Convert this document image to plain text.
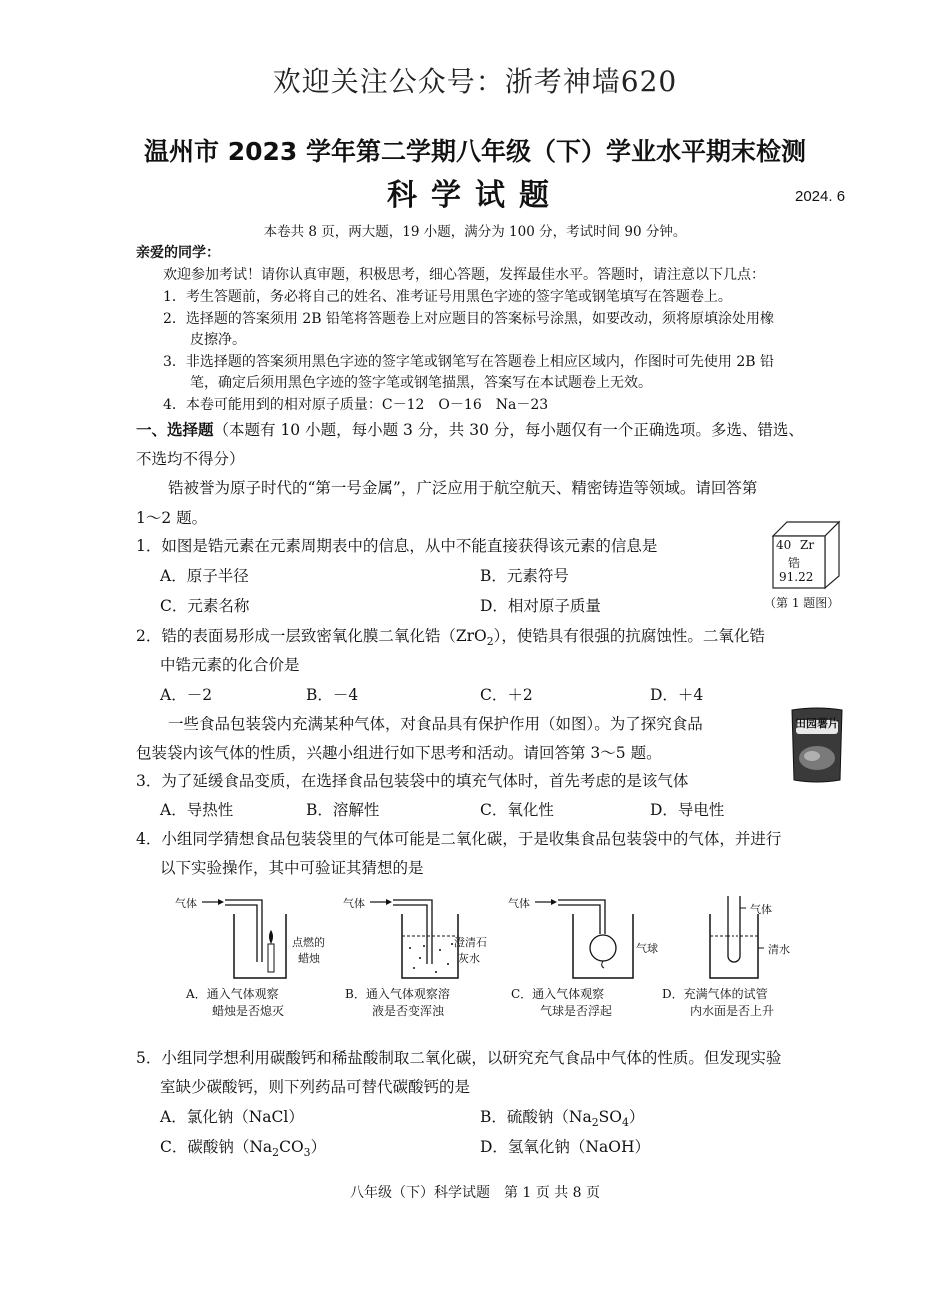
欢迎关注公众号：浙考神墙620
温州市 2023 学年第二学期八年级（下）学业水平期末检测
科学试题	2024. 6
本卷共 8 页，两大题，19 小题，满分为 100 分，考试时间 90 分钟。
亲爱的同学：
欢迎参加考试！请你认真审题，积极思考，细心答题，发挥最佳水平。答题时，请注意以下几点：
1．考生答题前，务必将自己的姓名、准考证号用黑色字迹的签字笔或钢笔填写在答题卷上。
2．选择题的答案须用 2B 铅笔将答题卷上对应题目的答案标号涂黑，如要改动，须将原填涂处用橡
皮擦净。
3．非选择题的答案须用黑色字迹的签字笔或钢笔写在答题卷上相应区域内，作图时可先使用 2B 铅
笔，确定后须用黑色字迹的签字笔或钢笔描黑，答案写在本试题卷上无效。
4．本卷可能用到的相对原子质量：C－12　O－16　Na－23
一、选择题（本题有 10 小题，每小题 3 分，共 30 分，每小题仅有一个正确选项。多选、错选、
不选均不得分）
锆被誉为原子时代的“第一号金属”，广泛应用于航空航天、精密铸造等领域。请回答第
1～2 题。
1．如图是锆元素在元素周期表中的信息，从中不能直接获得该元素的信息是
A．原子半径	B．元素符号
C．元素名称	D．相对原子质量
40 Zr
锆
91.22
（第 1 题图）
2．锆的表面易形成一层致密氧化膜二氧化锆（ZrO$_2$），使锆具有很强的抗腐蚀性。二氧化锆
中锆元素的化合价是
A．－2	B．－4	C．＋2	D．＋4
一些食品包装袋内充满某种气体，对食品具有保护作用（如图）。为了探究食品
包装袋内该气体的性质，兴趣小组进行如下思考和活动。请回答第 3～5 题。
田园薯片
3．为了延缓食品变质，在选择食品包装袋中的填充气体时，首先考虑的是该气体
A．导热性	B．溶解性	C．氧化性	D．导电性
4．小组同学猜想食品包装袋里的气体可能是二氧化碳，于是收集食品包装袋中的气体，并进行
以下实验操作，其中可验证其猜想的是
气体
点燃的
蜡烛
A．通入气体观察
蜡烛是否熄灭
气体
澄清石
灰水
B．通入气体观察溶
液是否变浑浊
气体
气球
C．通入气体观察
气球是否浮起
气体
清水
D．充满气体的试管
内水面是否上升
5．小组同学想利用碳酸钙和稀盐酸制取二氧化碳，以研究充气食品中气体的性质。但发现实验
室缺少碳酸钙，则下列药品可替代碳酸钙的是
A．氯化钠（NaCl）	B．硫酸钠$(Na_2SO_4)$
C．碳酸钠$(Na_2CO_3)$	D．氢氧化钠（NaOH）
八年级（下）科学试题　第 1 页 共 8 页
